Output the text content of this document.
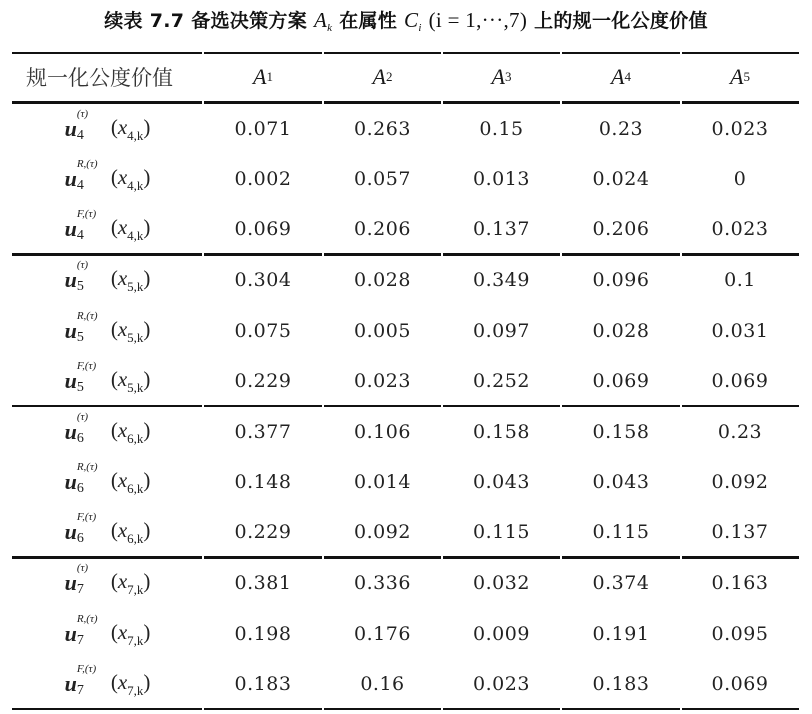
续表 7.7 备选决策方案 $A_k$ 在属性 $C_i$ (i = 1,···,7) 上的规一化公度价值
规一化公度价值	A 1	A 2	A 3	A 4	A 5
u 4
(τ)
$(x_{4,k})$	0.071	0.263	0.15	0.23	0.023
u 4
R,(τ)
$(x_{4,k})$	0.002	0.057	0.013	0.024	0
u 4
F,(τ)
$(x_{4,k})$	0.069	0.206	0.137	0.206	0.023
u 5
(τ)
$(x_{5,k})$	0.304	0.028	0.349	0.096	0.1
u 5
R,(τ)
$(x_{5,k})$	0.075	0.005	0.097	0.028	0.031
u 5
F,(τ)
$(x_{5,k})$	0.229	0.023	0.252	0.069	0.069
u 6
(τ)
$(x_{6,k})$	0.377	0.106	0.158	0.158	0.23
u 6
R,(τ)
$(x_{6,k})$	0.148	0.014	0.043	0.043	0.092
u 6
F,(τ)
$(x_{6,k})$	0.229	0.092	0.115	0.115	0.137
u 7
(τ)
$(x_{7,k})$	0.381	0.336	0.032	0.374	0.163
u 7
R,(τ)
$(x_{7,k})$	0.198	0.176	0.009	0.191	0.095
u 7
F,(τ)
$(x_{7,k})$	0.183	0.16	0.023	0.183	0.069
